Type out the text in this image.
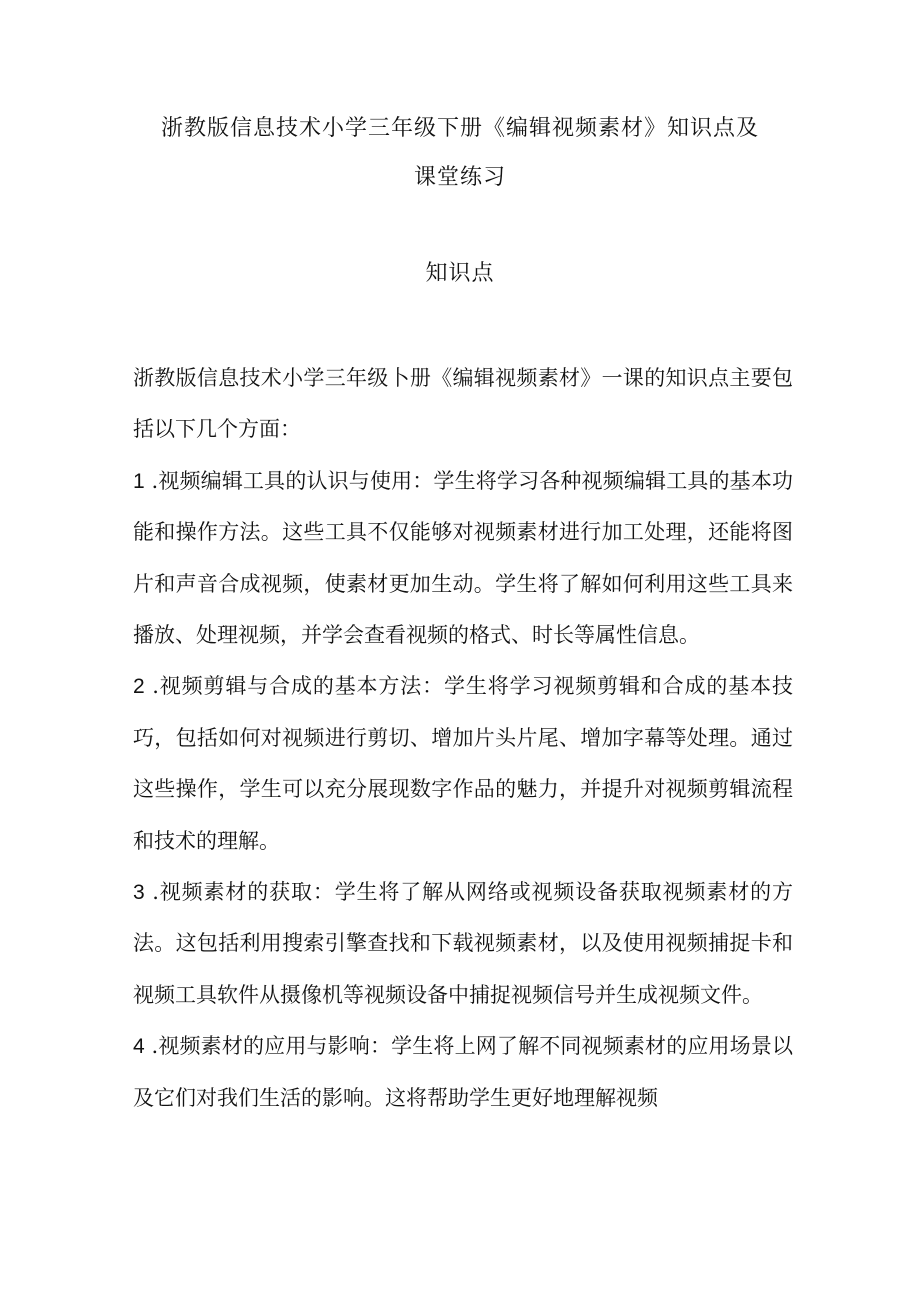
浙教版信息技术小学三年级下册《编辑视频素材》知识点及
课堂练习
知识点

浙教版信息技术小学三年级卜册《编辑视频素材》一课的知识点主要包括以下几个方面：

1 .视频编辑工具的认识与使用：学生将学习各种视频编辑工具的基本功能和操作方法。这些工具不仅能够对视频素材进行加工处理，还能将图片和声音合成视频，使素材更加生动。学生将了解如何利用这些工具来播放、处理视频，并学会查看视频的格式、时长等属性信息。

2 .视频剪辑与合成的基本方法：学生将学习视频剪辑和合成的基本技巧，包括如何对视频进行剪切、增加片头片尾、增加字幕等处理。通过这些操作，学生可以充分展现数字作品的魅力，并提升对视频剪辑流程和技术的理解。

3 .视频素材的获取：学生将了解从网络或视频设备获取视频素材的方法。这包括利用搜索引擎查找和下载视频素材，以及使用视频捕捉卡和视频工具软件从摄像机等视频设备中捕捉视频信号并生成视频文件。

4 .视频素材的应用与影响：学生将上网了解不同视频素材的应用场景以及它们对我们生活的影响。这将帮助学生更好地理解视频
